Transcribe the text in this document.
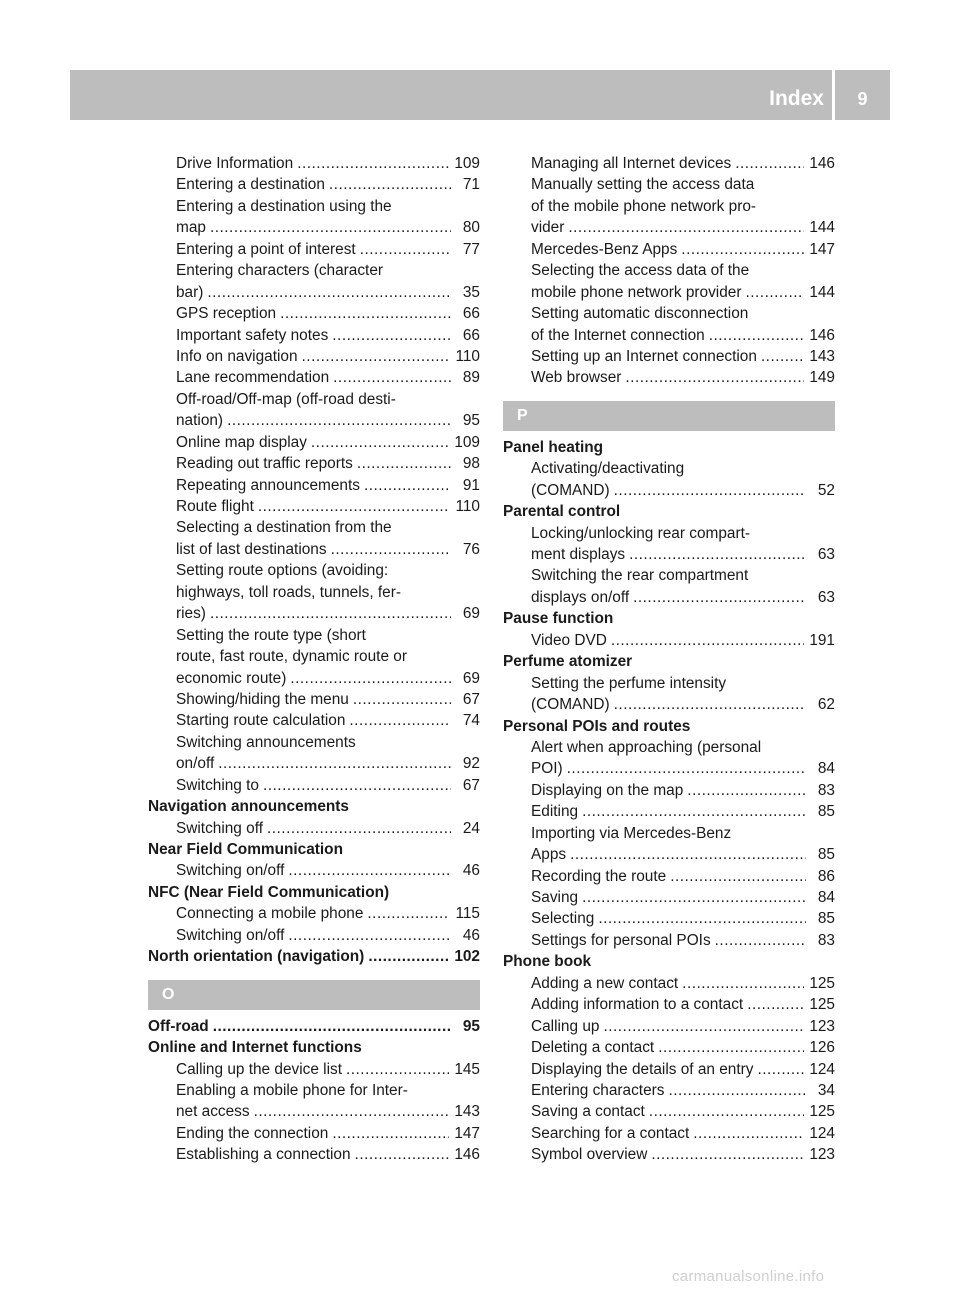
Index	9
Drive Information .....	109
Entering a destination .....	71
Entering a destination using the
map .....	80
Entering a point of interest .....	77
Entering characters (character
bar) .....	35
GPS reception .....	66
Important safety notes .....	66
Info on navigation .....	110
Lane recommendation .....	89
Off-road/Off-map (off-road desti-
nation) .....	95
Online map display .....	109
Reading out traffic reports .....	98
Repeating announcements .....	91
Route flight .....	110
Selecting a destination from the
list of last destinations .....	76
Setting route options (avoiding:
highways, toll roads, tunnels, fer-
ries) .....	69
Setting the route type (short
route, fast route, dynamic route or
economic route) .....	69
Showing/hiding the menu .....	67
Starting route calculation .....	74
Switching announcements
on/off .....	92
Switching to .....	67
Navigation announcements
Switching off .....	24
Near Field Communication
Switching on/off .....	46
NFC (Near Field Communication)
Connecting a mobile phone .....	115
Switching on/off .....	46
North orientation (navigation) .....	102
O
Off-road .....	95
Online and Internet functions
Calling up the device list .....	145
Enabling a mobile phone for Inter-
net access .....	143
Ending the connection .....	147
Establishing a connection .....	146
Managing all Internet devices .....	146
Manually setting the access data
of the mobile phone network pro-
vider .....	144
Mercedes-Benz Apps .....	147
Selecting the access data of the
mobile phone network provider .....	144
Setting automatic disconnection
of the Internet connection .....	146
Setting up an Internet connection .....	143
Web browser .....	149
P
Panel heating
Activating/deactivating
(COMAND) .....	52
Parental control
Locking/unlocking rear compart-
ment displays .....	63
Switching the rear compartment
displays on/off .....	63
Pause function
Video DVD .....	191
Perfume atomizer
Setting the perfume intensity
(COMAND) .....	62
Personal POIs and routes
Alert when approaching (personal
POI) .....	84
Displaying on the map .....	83
Editing .....	85
Importing via Mercedes-Benz
Apps .....	85
Recording the route .....	86
Saving .....	84
Selecting .....	85
Settings for personal POIs .....	83
Phone book
Adding a new contact .....	125
Adding information to a contact .....	125
Calling up .....	123
Deleting a contact .....	126
Displaying the details of an entry .....	124
Entering characters .....	34
Saving a contact .....	125
Searching for a contact .....	124
Symbol overview .....	123
carmanualsonline.info
